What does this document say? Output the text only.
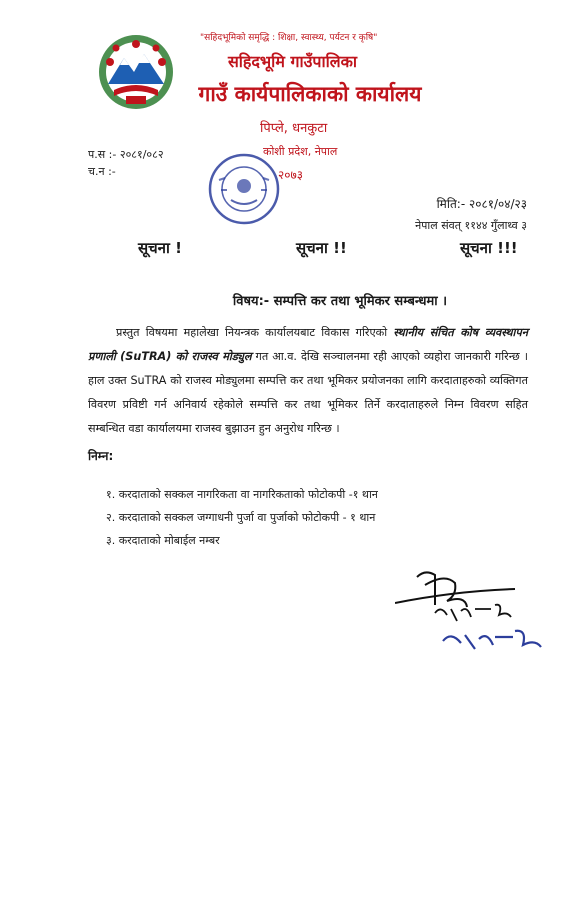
"सहिदभूमिको समृद्धि : शिक्षा, स्वास्थ्य, पर्यटन र कृषि"
सहिदभूमि गाउँपालिका
गाउँ कार्यपालिकाको कार्यालय
पिप्ले, धनकुटा
कोशी प्रदेश, नेपाल
२०७३
प.स :- २०८१/०८२
च.न :-
मिति:- २०८१/०४/२३
नेपाल संवत् ११४४ गुँलाथ्व ३
सूचना !	सूचना !!	सूचना !!!
विषय:- सम्पत्ति कर तथा भूमिकर सम्बन्धमा ।
प्रस्तुत विषयमा महालेखा नियन्त्रक कार्यालयबाट विकास गरिएको स्थानीय संचित कोष व्यवस्थापन प्रणाली (SuTRA) को राजस्व मोड्युल गत आ.व. देखि सञ्चालनमा रही आएको व्यहोरा जानकारी गरिन्छ । हाल उक्त SuTRA को राजस्व मोड्युलमा सम्पत्ति कर तथा भूमिकर प्रयोजनका लागि करदाताहरुको व्यक्तिगत विवरण प्रविष्टी गर्न अनिवार्य रहेकोले सम्पत्ति कर तथा भूमिकर तिर्ने करदाताहरुले निम्न विवरण सहित सम्बन्धित वडा कार्यालयमा राजस्व बुझाउन हुन अनुरोध गरिन्छ ।
निम्न:
१. करदाताको सक्कल नागरिकता वा नागरिकताको फोटोकपी -१ थान
२. करदाताको सक्कल जग्गाधनी पुर्जा वा पुर्जाको फोटोकपी - १ थान
३. करदाताको मोबाईल नम्बर
